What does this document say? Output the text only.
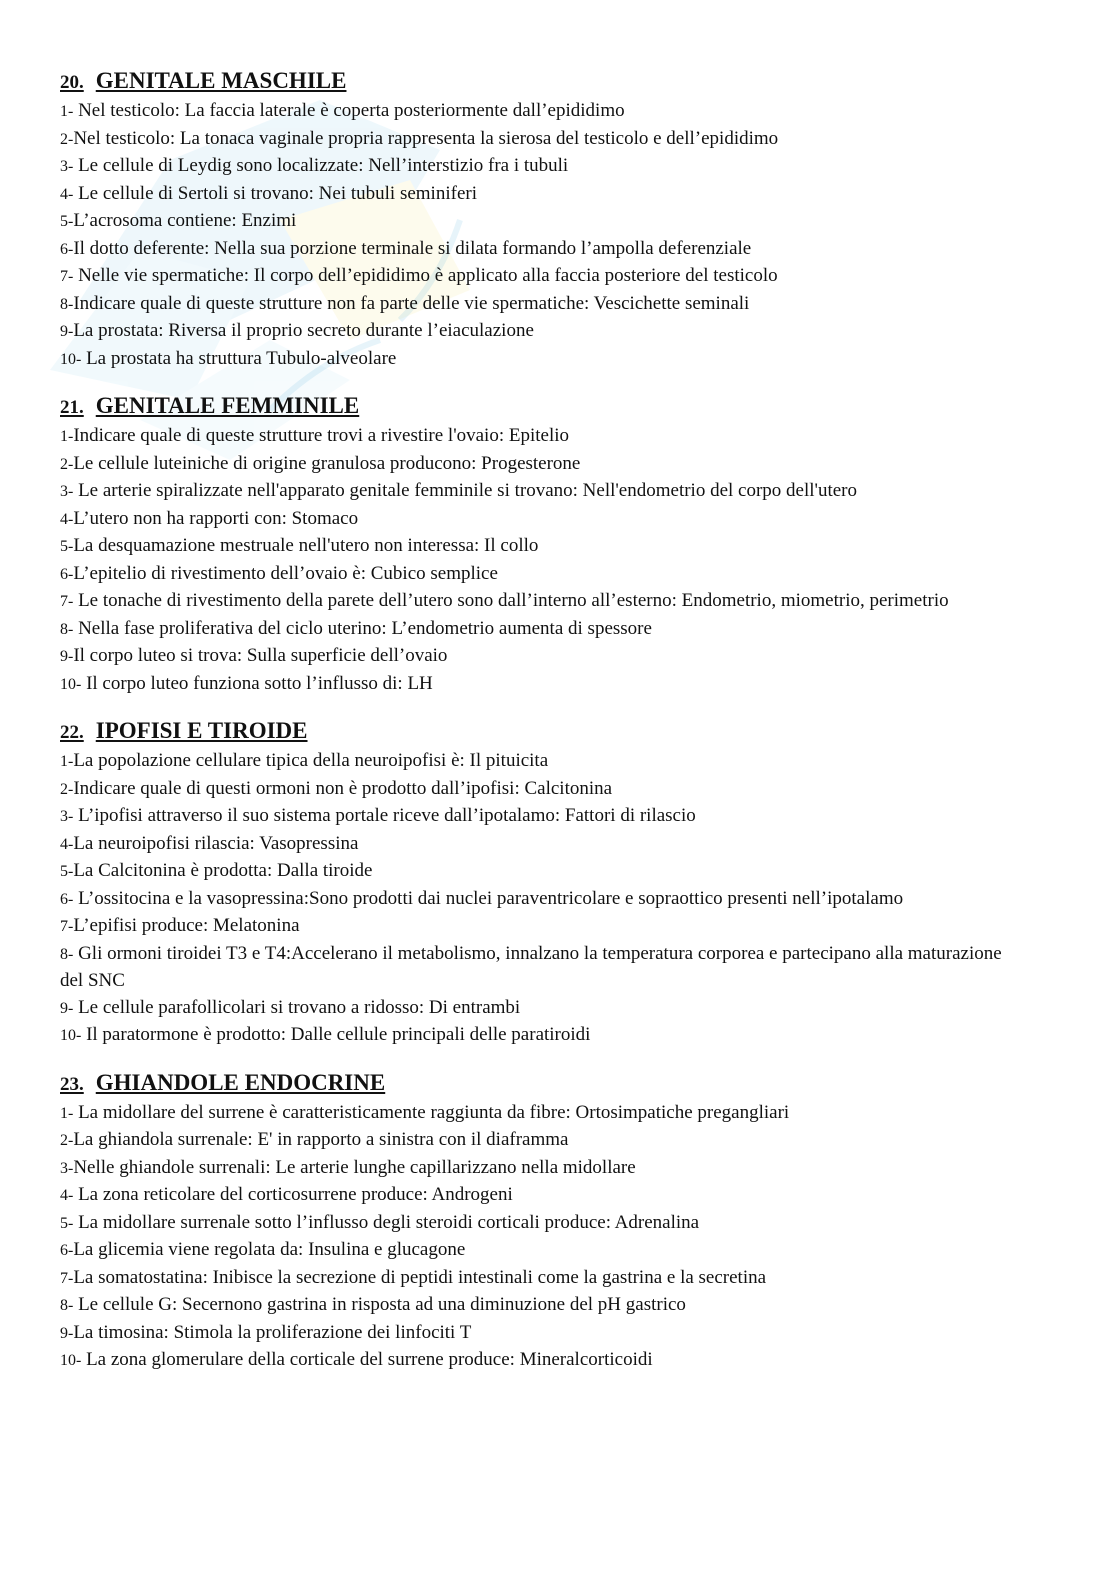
20. GENITALE MASCHILE
1- Nel testicolo: La faccia laterale è coperta posteriormente dall’epididimo
2-Nel testicolo: La tonaca vaginale propria rappresenta la sierosa del testicolo e dell’epididimo
3- Le cellule di Leydig sono localizzate: Nell’interstizio fra i tubuli
4- Le cellule di Sertoli si trovano: Nei tubuli seminiferi
5-L’acrosoma contiene: Enzimi
6-Il dotto deferente: Nella sua porzione terminale si dilata formando l’ampolla deferenziale
7- Nelle vie spermatiche: Il corpo dell’epididimo è applicato alla faccia posteriore del testicolo
8-Indicare quale di queste strutture non fa parte delle vie spermatiche: Vescichette seminali
9-La prostata: Riversa il proprio secreto durante l’eiaculazione
10- La prostata ha struttura Tubulo-alveolare
21. GENITALE FEMMINILE
1-Indicare quale di queste strutture trovi a rivestire l'ovaio: Epitelio
2-Le cellule luteiniche di origine granulosa producono: Progesterone
3- Le arterie spiralizzate nell'apparato genitale femminile si trovano: Nell'endometrio del corpo dell'utero
4-L’utero non ha rapporti con: Stomaco
5-La desquamazione mestruale nell'utero non interessa: Il collo
6-L’epitelio di rivestimento dell’ovaio è: Cubico semplice
7- Le tonache di rivestimento della parete dell’utero sono dall’interno all’esterno: Endometrio, miometrio, perimetrio
8- Nella fase proliferativa del ciclo uterino: L’endometrio aumenta di spessore
9-Il corpo luteo si trova: Sulla superficie dell’ovaio
10- Il corpo luteo funziona sotto l’influsso di: LH
22. IPOFISI E TIROIDE
1-La popolazione cellulare tipica della neuroipofisi è: Il pituicita
2-Indicare quale di questi ormoni non è prodotto dall’ipofisi: Calcitonina
3- L’ipofisi attraverso il suo sistema portale riceve dall’ipotalamo: Fattori di rilascio
4-La neuroipofisi rilascia: Vasopressina
5-La Calcitonina è prodotta: Dalla tiroide
6- L’ossitocina e la vasopressina:Sono prodotti dai nuclei paraventricolare e sopraottico presenti nell’ipotalamo
7-L’epifisi produce: Melatonina
8- Gli ormoni tiroidei T3 e T4:Accelerano il metabolismo, innalzano la temperatura corporea e partecipano alla maturazione del SNC
9- Le cellule parafollicolari si trovano a ridosso: Di entrambi
10- Il paratormone è prodotto: Dalle cellule principali delle paratiroidi
23. GHIANDOLE ENDOCRINE
1- La midollare del surrene è caratteristicamente raggiunta da fibre: Ortosimpatiche pregangliari
2-La ghiandola surrenale: E' in rapporto a sinistra con il diaframma
3-Nelle ghiandole surrenali: Le arterie lunghe capillarizzano nella midollare
4- La zona reticolare del corticosurrene produce: Androgeni
5- La midollare surrenale sotto l’influsso degli steroidi corticali produce: Adrenalina
6-La glicemia viene regolata da: Insulina e glucagone
7-La somatostatina: Inibisce la secrezione di peptidi intestinali come la gastrina e la secretina
8- Le cellule G: Secernono gastrina in risposta ad una diminuzione del pH gastrico
9-La timosina: Stimola la proliferazione dei linfociti T
10- La zona glomerulare della corticale del surrene produce: Mineralcorticoidi
